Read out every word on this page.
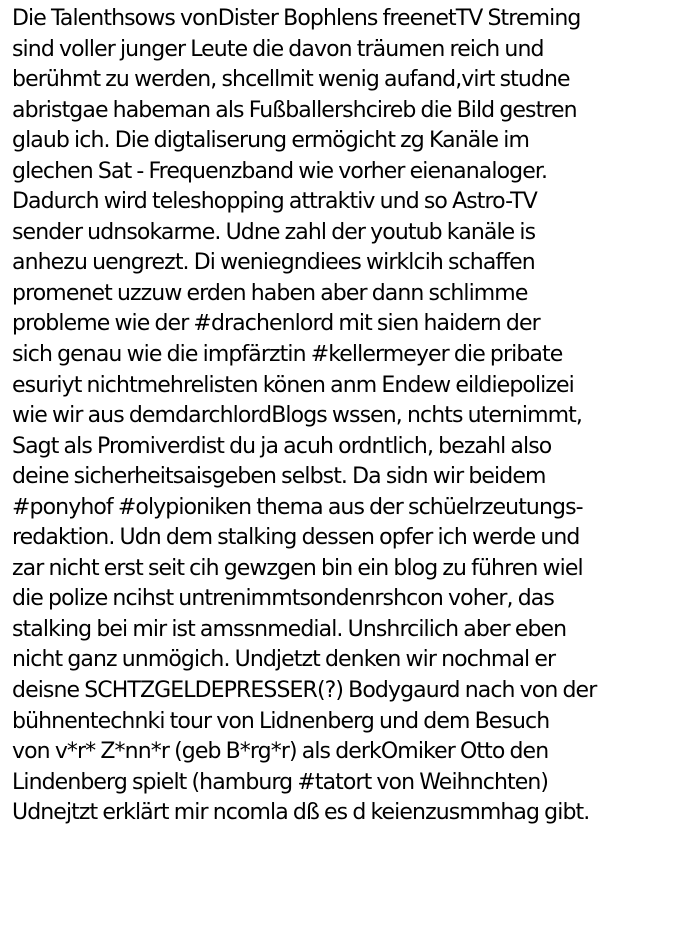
Die Talenthsows vonDister Bophlens freenetTV Streming
sind voller junger Leute die davon träumen reich und
berühmt zu werden, shcellmit wenig aufand,virt studne
abristgae habeman als Fußballershcireb die Bild gestren
glaub ich. Die digtaliserung ermögicht zg Kanäle im
glechen Sat - Frequenzband wie vorher eienanaloger.
Dadurch wird teleshopping attraktiv und so Astro-TV
sender udnsokarme. Udne zahl der youtub kanäle is
anhezu uengrezt. Di weniegndiees wirklcih schaffen
promenet uzzuw erden haben aber dann schlimme
probleme wie der #drachenlord mit sien haidern der
sich genau wie die impfärztin #kellermeyer die pribate
esuriyt nichtmehrelisten könen anm Endew eildiepolizei
wie wir aus demdarchlordBlogs wssen, nchts uternimmt,
Sagt als Promiverdist du ja acuh ordntlich, bezahl also
deine sicherheitsaisgeben selbst. Da sidn wir beidem
#ponyhof #olypioniken thema aus der schüelrzeutungs-
redaktion. Udn dem stalking dessen opfer ich werde und
zar nicht erst seit cih gewzgen bin ein blog zu führen wiel
die polize ncihst untrenimmtsondenrshcon voher, das
stalking bei mir ist amssnmedial. Unshrcilich aber eben
nicht ganz unmögich. Undjetzt denken wir nochmal er
deisne SCHTZGELDEPRESSER(?) Bodygaurd nach von der
bühnentechnki tour von Lidnenberg und dem Besuch
von v*r* Z*nn*r (geb B*rg*r) als derkOmiker Otto den
Lindenberg spielt (hamburg #tatort von Weihnchten)
Udnejtzt erklärt mir ncomla dß es d keienzusmmhag gibt.
